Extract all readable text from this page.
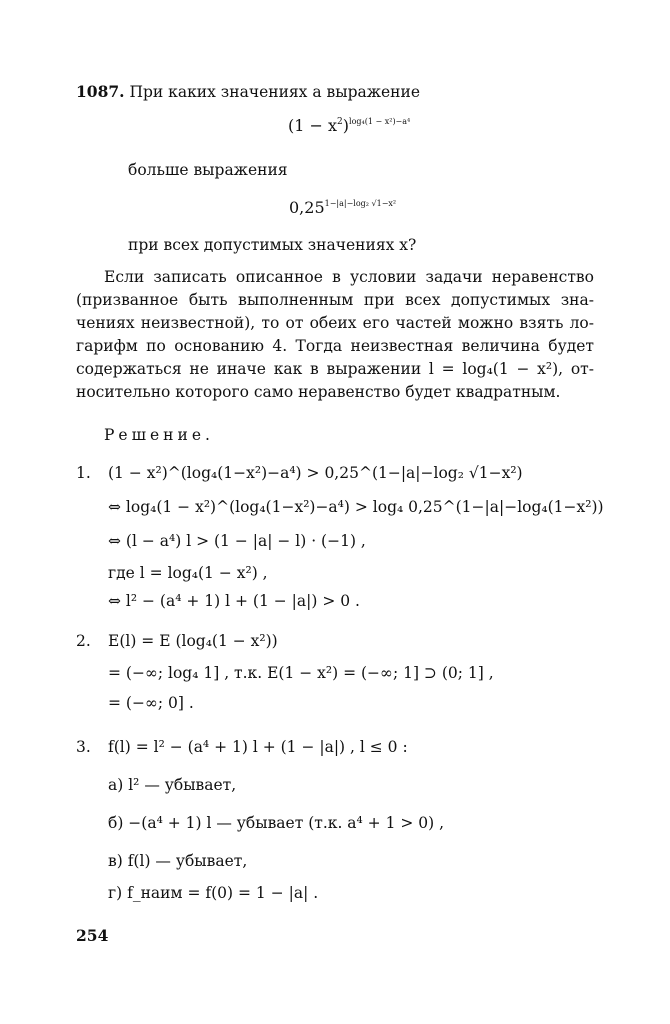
1087. При каких значениях a выражение
$(1 - x^2)^{log_4(1 - x^2)-a^4}$
больше выражения
$0,25^{1-|a|-log_2 √1-x^2}$
при всех допустимых значениях x?
Если записать описанное в условии задачи неравенство
(призванное быть выполненным при всех допустимых зна-
чениях неизвестной), то от обеих его частей можно взять ло-
гарифм по основанию 4. Тогда неизвестная величина будет
содержаться не иначе как в выражении l = log₄(1 − x²), от-
носительно которого само неравенство будет квадратным.
Решение.
1. (1 − x²)^(log₄(1−x²)−a⁴) > 0,25^(1−|a|−log₂ √1−x²)
⇔ log₄(1 − x²)^(log₄(1−x²)−a⁴) > log₄ 0,25^(1−|a|−log₄(1−x²))
⇔ (l − a⁴) l > (1 − |a| − l) · (−1) ,
где l = log₄(1 − x²) ,
⇔ l² − (a⁴ + 1) l + (1 − |a|) > 0 .
2. E(l) = E (log₄(1 − x²))
= (−∞; log₄ 1] , т.к. E(1 − x²) = (−∞; 1] ⊃ (0; 1] ,
= (−∞; 0] .
3. f(l) = l² − (a⁴ + 1) l + (1 − |a|) , l ≤ 0 :
а) l² — убывает,
б) −(a⁴ + 1) l — убывает (т.к. a⁴ + 1 > 0) ,
в) f(l) — убывает,
г) f_наим = f(0) = 1 − |a| .
254
